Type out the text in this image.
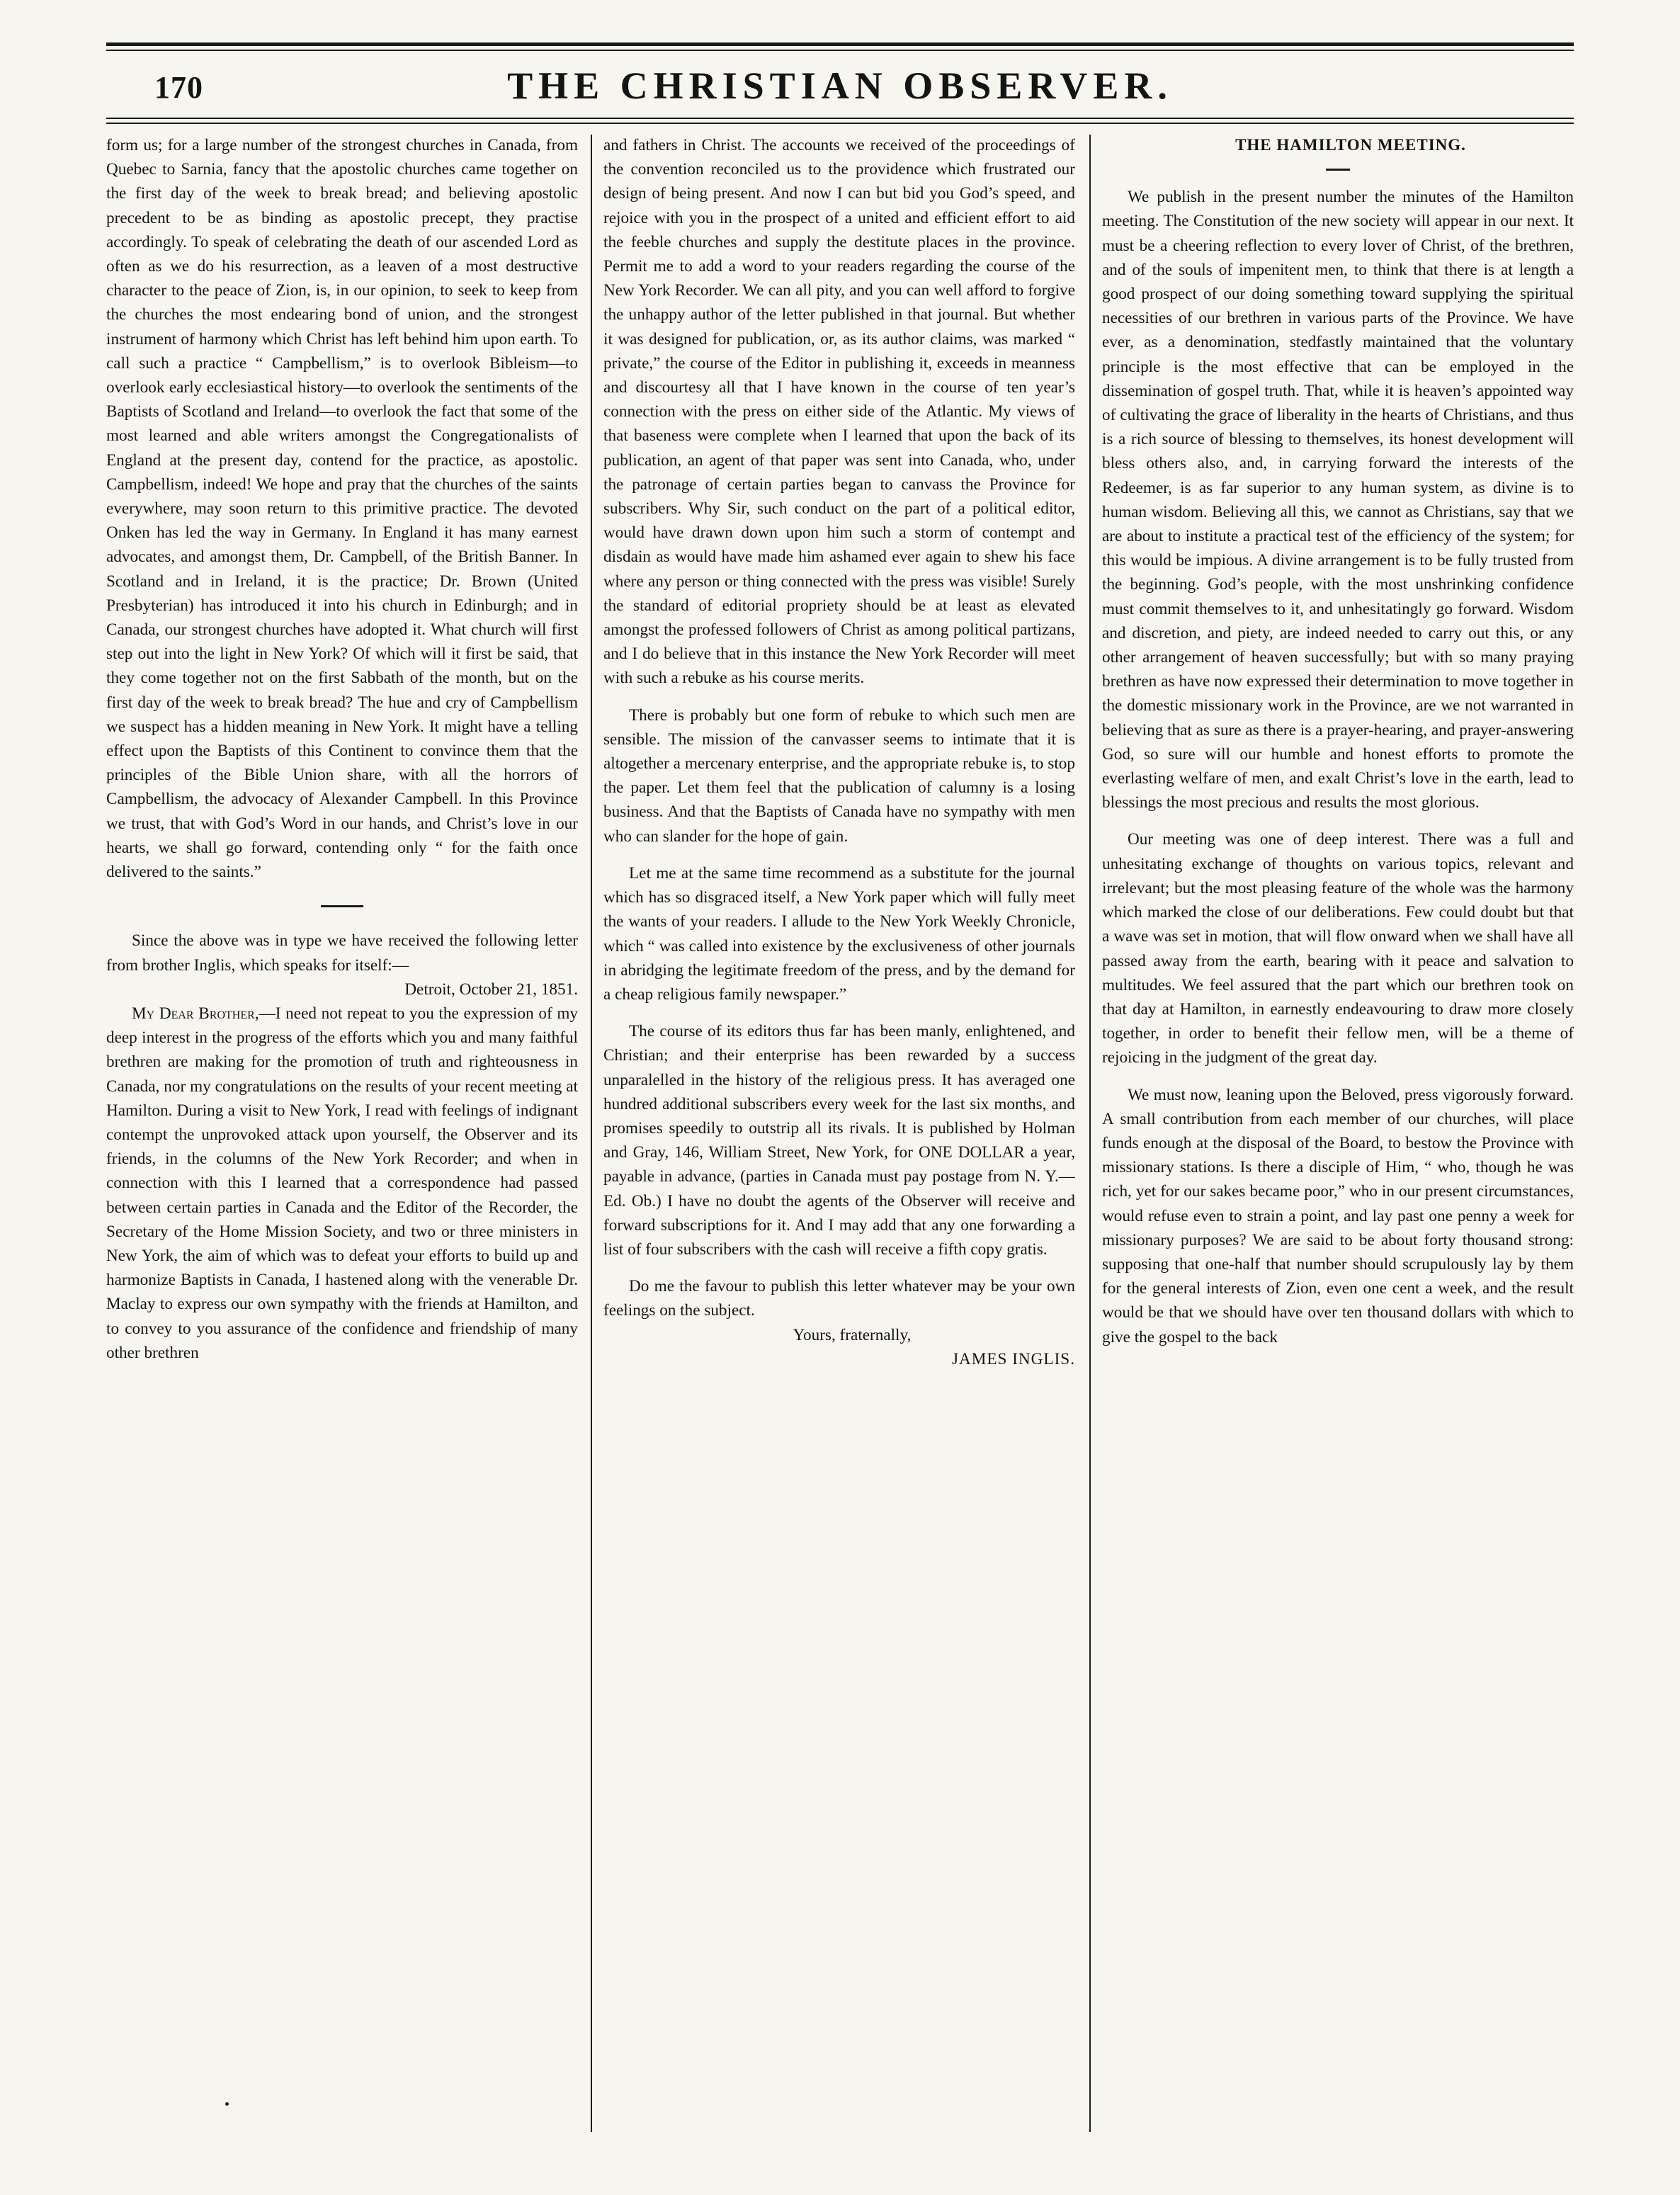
170	THE CHRISTIAN OBSERVER.

form us; for a large number of the strongest churches in Canada, from Quebec to Sarnia, fancy that the apostolic churches came together on the first day of the week to break bread; and believing apostolic precedent to be as binding as apostolic precept, they practise accordingly. To speak of celebrating the death of our ascended Lord as often as we do his resurrection, as a leaven of a most destructive character to the peace of Zion, is, in our opinion, to seek to keep from the churches the most endearing bond of union, and the strongest instrument of harmony which Christ has left behind him upon earth. To call such a practice “ Campbellism,” is to overlook Bibleism—to overlook early ecclesiastical history—to overlook the sentiments of the Baptists of Scotland and Ireland—to overlook the fact that some of the most learned and able writers amongst the Congregationalists of England at the present day, contend for the practice, as apostolic. Campbellism, indeed! We hope and pray that the churches of the saints everywhere, may soon return to this primitive practice. The devoted Onken has led the way in Germany. In England it has many earnest advocates, and amongst them, Dr. Campbell, of the British Banner. In Scotland and in Ireland, it is the practice; Dr. Brown (United Presbyterian) has introduced it into his church in Edinburgh; and in Canada, our strongest churches have adopted it. What church will first step out into the light in New York? Of which will it first be said, that they come together not on the first Sabbath of the month, but on the first day of the week to break bread? The hue and cry of Campbellism we suspect has a hidden meaning in New York. It might have a telling effect upon the Baptists of this Continent to convince them that the principles of the Bible Union share, with all the horrors of Campbellism, the advocacy of Alexander Campbell. In this Province we trust, that with God’s Word in our hands, and Christ’s love in our hearts, we shall go forward, contending only “ for the faith once delivered to the saints.”

Since the above was in type we have received the following letter from brother Inglis, which speaks for itself:—

Detroit, October 21, 1851.

My Dear Brother,—I need not repeat to you the expression of my deep interest in the progress of the efforts which you and many faithful brethren are making for the promotion of truth and righteousness in Canada, nor my congratulations on the results of your recent meeting at Hamilton. During a visit to New York, I read with feelings of indignant contempt the unprovoked attack upon yourself, the Observer and its friends, in the columns of the New York Recorder; and when in connection with this I learned that a correspondence had passed between certain parties in Canada and the Editor of the Recorder, the Secretary of the Home Mission Society, and two or three ministers in New York, the aim of which was to defeat your efforts to build up and harmonize Baptists in Canada, I hastened along with the venerable Dr. Maclay to express our own sympathy with the friends at Hamilton, and to convey to you assurance of the confidence and friendship of many other brethren

and fathers in Christ. The accounts we received of the proceedings of the convention reconciled us to the providence which frustrated our design of being present. And now I can but bid you God’s speed, and rejoice with you in the prospect of a united and efficient effort to aid the feeble churches and supply the destitute places in the province. Permit me to add a word to your readers regarding the course of the New York Recorder. We can all pity, and you can well afford to forgive the unhappy author of the letter published in that journal. But whether it was designed for publication, or, as its author claims, was marked “ private,” the course of the Editor in publishing it, exceeds in meanness and discourtesy all that I have known in the course of ten year’s connection with the press on either side of the Atlantic. My views of that baseness were complete when I learned that upon the back of its publication, an agent of that paper was sent into Canada, who, under the patronage of certain parties began to canvass the Province for subscribers. Why Sir, such conduct on the part of a political editor, would have drawn down upon him such a storm of contempt and disdain as would have made him ashamed ever again to shew his face where any person or thing connected with the press was visible! Surely the standard of editorial propriety should be at least as elevated amongst the professed followers of Christ as among political partizans, and I do believe that in this instance the New York Recorder will meet with such a rebuke as his course merits.

There is probably but one form of rebuke to which such men are sensible. The mission of the canvasser seems to intimate that it is altogether a mercenary enterprise, and the appropriate rebuke is, to stop the paper. Let them feel that the publication of calumny is a losing business. And that the Baptists of Canada have no sympathy with men who can slander for the hope of gain.

Let me at the same time recommend as a substitute for the journal which has so disgraced itself, a New York paper which will fully meet the wants of your readers. I allude to the New York Weekly Chronicle, which “ was called into existence by the exclusiveness of other journals in abridging the legitimate freedom of the press, and by the demand for a cheap religious family newspaper.”

The course of its editors thus far has been manly, enlightened, and Christian; and their enterprise has been rewarded by a success unparalelled in the history of the religious press. It has averaged one hundred additional subscribers every week for the last six months, and promises speedily to outstrip all its rivals. It is published by Holman and Gray, 146, William Street, New York, for ONE DOLLAR a year, payable in advance, (parties in Canada must pay postage from N. Y.—Ed. Ob.) I have no doubt the agents of the Observer will receive and forward subscriptions for it. And I may add that any one forwarding a list of four subscribers with the cash will receive a fifth copy gratis.

Do me the favour to publish this letter whatever may be your own feelings on the subject.

Yours, fraternally,

JAMES INGLIS.

THE HAMILTON MEETING.

We publish in the present number the minutes of the Hamilton meeting. The Constitution of the new society will appear in our next. It must be a cheering reflection to every lover of Christ, of the brethren, and of the souls of impenitent men, to think that there is at length a good prospect of our doing something toward supplying the spiritual necessities of our brethren in various parts of the Province. We have ever, as a denomination, stedfastly maintained that the voluntary principle is the most effective that can be employed in the dissemination of gospel truth. That, while it is heaven’s appointed way of cultivating the grace of liberality in the hearts of Christians, and thus is a rich source of blessing to themselves, its honest development will bless others also, and, in carrying forward the interests of the Redeemer, is as far superior to any human system, as divine is to human wisdom. Believing all this, we cannot as Christians, say that we are about to institute a practical test of the efficiency of the system; for this would be impious. A divine arrangement is to be fully trusted from the beginning. God’s people, with the most unshrinking confidence must commit themselves to it, and unhesitatingly go forward. Wisdom and discretion, and piety, are indeed needed to carry out this, or any other arrangement of heaven successfully; but with so many praying brethren as have now expressed their determination to move together in the domestic missionary work in the Province, are we not warranted in believing that as sure as there is a prayer-hearing, and prayer-answering God, so sure will our humble and honest efforts to promote the everlasting welfare of men, and exalt Christ’s love in the earth, lead to blessings the most precious and results the most glorious.

Our meeting was one of deep interest. There was a full and unhesitating exchange of thoughts on various topics, relevant and irrelevant; but the most pleasing feature of the whole was the harmony which marked the close of our deliberations. Few could doubt but that a wave was set in motion, that will flow onward when we shall have all passed away from the earth, bearing with it peace and salvation to multitudes. We feel assured that the part which our brethren took on that day at Hamilton, in earnestly endeavouring to draw more closely together, in order to benefit their fellow men, will be a theme of rejoicing in the judgment of the great day.

We must now, leaning upon the Beloved, press vigorously forward. A small contribution from each member of our churches, will place funds enough at the disposal of the Board, to bestow the Province with missionary stations. Is there a disciple of Him, “ who, though he was rich, yet for our sakes became poor,” who in our present circumstances, would refuse even to strain a point, and lay past one penny a week for missionary purposes? We are said to be about forty thousand strong: supposing that one-half that number should scrupulously lay by them for the general interests of Zion, even one cent a week, and the result would be that we should have over ten thousand dollars with which to give the gospel to the back
